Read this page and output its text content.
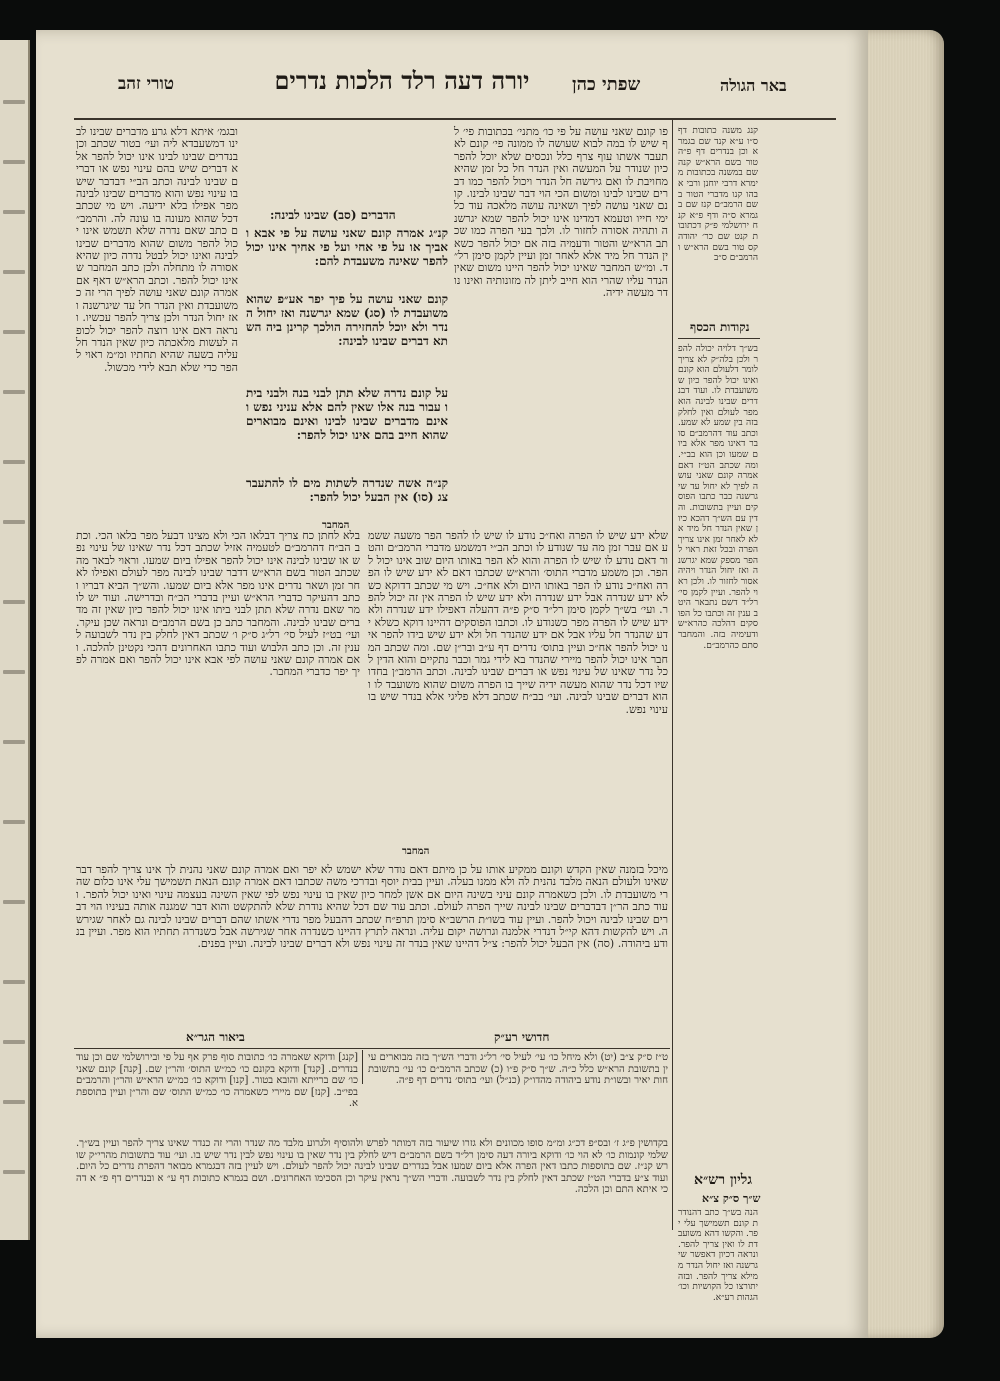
יורה דעה רלד הלכות נדרים	שפתי כהן
טורי זהב	באר הגולה
פו קונם שאני עושה על פי כו׳ מתני׳ בכתובות פי׳ לף שיש לו במה לבוא שעושה לו ממונה פי׳ קונם לא תעבד אשתו עוף צרף כלל ונכסים שלא יוכל להפר כיון שנודר על המעשה ואין הנדר חל כל זמן שהיא מחויבת לו ואם גירשה חל הנדר ויכול להפר כמו דברים שבינו לבינו ומשום הכי הוי דבר שבינו לבינו. קונם שאני עושה לפיך ושאינה עושה מלאכה עוד כל ימי חייו וטעמא דמדינו אינו יכול להפר שמא יגרשנה ותהיה אסורה לחזור לו. ולכך בעי הפרה כמו שכתב הרא״ש והטור ודעמיה בזה אם יכול להפר כשאין הנדר חל מיד אלא לאחר זמן ועיין לקמן סימן רל״ד. ומ״ש המחבר שאינו יכול להפר היינו משום שאין הנדר עליו שהרי הוא חייב ליתן לה מזונותיה ואינו נודר מעשה ידיה.
ובגמ׳ איתא דלא גרע מדברים שבינו לבינו דמשעבדא ליה ועי׳ בטור שכתב וכן בנדרים שבינו לבינו אינו יכול להפר אלא דברים שיש בהם עינוי נפש או דברים שבינו לבינה וכתב הב״י דבדבר שיש בו עינוי נפש והוא מדברים שבינו לבינה מפר אפילו בלא ידיעה. ויש מי שכתב דכל שהוא מעונה בו עונה לה. והרמב״ם כתב שאם נדרה שלא תשמש אינו יכול להפר משום שהוא מדברים שבינו לבינה ואינו יכול לבטל נדרה כיון שהיא אסורה לו מתחלה ולכן כתב המחבר שאינו יכול להפר. וכתב הרא״ש דאף אם אמרה קונם שאני עושה לפיך הרי זה כמשועבדת ואין הנדר חל עד שיגרשנה ואז יחול הנדר ולכן צריך להפר עכשיו. ונראה דאם אינו רוצה להפר יכול לכופה לעשות מלאכתה כיון שאין הנדר חל עליה בשעה שהיא תחתיו ומ״מ ראוי להפר כדי שלא תבא לידי מכשול.
הדברים (סב) שבינו לבינה:
קנ״ג אמרה קונם שאני עושה על פי אבא ואביך או על פי אחי ועל פי אחיך אינו יכול להפר שאינה משעבדת להם:
קונם שאני עושה על פיך יפר אע״פ שהוא משועבדת לו (סג) שמא יגרשנה ואז יחול הנדר ולא יוכל להחזירה הולכך קרינן ביה השתא דברים שבינו לבינה:
על קונם נדרה שלא תתן לבני בנה ולבני ביתו עבור בנה אלו שאין להם אלא עניני נפש ואינם מדברים שבינו לבינו ואינם מבוארים שהוא חייב בהם אינו יכול להפר:
קנ״ה אשה שנדרה לשתות מים לו להתעבר צג (סו) אין הבעל יכול להפר:
המחבר
שלא ידע שיש לו הפרה ואח״כ נודע לו שיש לו להפר הפר משעה ששמע אם עבר זמן מה עד שנודע לו וכתב הב״י דמשמע מדברי הרמב״ם והטור דאם נודע לו שיש לו הפרה והוא לא הפר באותו היום שוב אינו יכול להפר. וכן משמע מדברי התוס׳ והרא״ש שכתבו דאם לא ידע שיש לו הפרה ואח״כ נודע לו הפר באותו היום ולא אח״כ. ויש מי שכתב דדוקא כשלא ידע שנדרה אבל ידע שנדרה ולא ידע שיש לו הפרה אין זה יכול להפר. ועי׳ בש״ך לקמן סימן רל״ד ס״ק פ״ה דהעלה דאפילו ידע שנדרה ולא ידע שיש לו הפרה מפר כשנודע לו. וכתבו הפוסקים דהיינו דוקא כשלא ידע שהנדר חל עליו אבל אם ידע שהנדר חל ולא ידע שיש בידו להפר אינו יכול להפר אח״כ ועיין בתוס׳ נדרים דף ע״ב ובר״ן שם. ומה שכתב המחבר אינו יכול להפר מיירי שהנדר בא לידי גמר וכבר נתקיים והוא הדין לכל נדר שאינו של עינוי נפש או דברים שבינו לבינה. וכתב הרמב״ן בחדושיו דכל נדר שהוא מעשה ידיה שייך בו הפרה משום שהוא משועבד לו והוא דברים שבינו לבינה. ועי׳ בב״ח שכתב דלא פליגי אלא בנדר שיש בו עינוי נפש.
בלא לחתן כח צריך דבלאו הכי ולא מצינו דבעל מפר בלאו הכי. וכתב הב״ח דהרמב״ם לטעמיה אזיל שכתב דכל נדר שאינו של עינוי נפש או שבינו לבינה אינו יכול להפר אפילו ביום שמעו. וראוי לבאר מה שכתב הטור בשם הרא״ש דדבר שבינו לבינה מפר לעולם ואפילו לאחר זמן ושאר נדרים אינו מפר אלא ביום שמעו. והש״ך הביא דבריו וכתב דהעיקר כדברי הרא״ש ועיין בדברי הב״ח ובדרישה. ועוד יש לומר שאם נדרה שלא תתן לבני ביתו אינו יכול להפר כיון שאין זה מדברים שבינו לבינה. והמחבר כתב כן בשם הרמב״ם ונראה שכן עיקר. ועי׳ בט״ז לעיל סי׳ רל״ג ס״ק ו׳ שכתב דאין לחלק בין נדר לשבועה לענין זה. וכן כתב הלבוש ועוד כתבו האחרונים דהכי נקטינן להלכה. ואם אמרה קונם שאני עושה לפי אבא אינו יכול להפר ואם אמרה לפיך יפר כדברי המחבר.
המחבר
מיכל בזמנה שאין הקדש וקונם ממקיע אותו על כן מיתם דאם נודר שלא ישמש לא יפר ואם אמרה קונם שאני נהנית לך אינו צריך להפר דבר שאינו ולעולם הנאה מלבד נהנית לה ולא ממנו בעלה. ועיין בבית יוסף ובדרכי משה שכתבו דאם אמרה קונם הנאת תשמישך עלי אינו כלום שהרי משועבדת לו. ולכן כשאמרה קונם עיני בשינה היום אם אשן למחר כיון שאין בו עינוי נפש לפי שאין השינה בעצמה עינוי ואינו יכול להפר. ועוד כתב הר״ן דבדברים שבינו לבינה שייך הפרה לעולם. וכתב עוד שם דכל שהיא נודרת שלא להתקשט והוא דבר שמגנה אותה בעיניו הוי דברים שבינו לבינה ויכול להפר. ועיין עוד בשו״ת הרשב״א סימן תרפ״ח שכתב דהבעל מפר נדרי אשתו שהם דברים שבינו לבינה גם לאחר שגירשה. ויש להקשות דהא קי״ל דנדרי אלמנה וגרושה יקום עליה. ונראה לתרץ דהיינו כשנדרה אחר שגירשה אבל כשנדרה תחתיו הוא מפר. ועיין בנודע ביהודה. (סה) אין הבעל יכול להפר: צ״ל דהיינו שאין בנדר זה עינוי נפש ולא דברים שבינו לבינה. ועיין בפנים.
חדושי רע״ק
ביאור הגר״א
ט״ז ס״ק צ״ב (יט) ולא מיחל כו׳ עי׳ לעיל סי׳ רל״ג ודברי הש״ך בזה מבוארים עיין בתשובת הרא״ש כלל כ״ה. ש״ך ס״ק פ״ו (כ) שכתב הרמב״ם כו׳ עי׳ בתשובת חות יאיר ובשו״ת נודע ביהודה מהדו״ק (כנ״ל) ועי׳ בתוס׳ נדרים דף פ״ה.
[קנג] ודוקא שאמרה כו׳ כתובות סוף פרק אף על פי ובירושלמי שם וכן עוד בנדרים. [קנד] ודוקא בקונם כו׳ כמ״ש התוס׳ והר״ן שם. [קנה] קונם שאני כו׳ שם ברייתא והובא בטור. [קנו] ודוקא כו׳ כמ״ש הרא״ש והר״ן והרמב״ם בפי״ב. [קנז] שם מיירי כשאמרה כו׳ כמ״ש התוס׳ שם והר״ן ועיין בתוספתא.
בקדושין פ״ג ז׳ ובס״פ דכ״ג ומ״מ סופו מכוונים ולא גזרו שיעור בזה דמותר לפרש ולהוסיף ולגרוע מלבד מה שנדר והרי זה כנדר שאינו צריך להפר ועיין בש״ך. שלמי קונמות כו׳ לא הוי כו׳ ודוקא ביורה דעה סימן רל״ד בשם הרמב״ם דיש לחלק בין נדר שאין בו עינוי נפש לבין נדר שיש בו. ועי׳ עוד בתשובות מהרי״ק שורש קנ״ז. שם בתוספות כתבו דאין הפרה אלא ביום שמעו אבל בנדרים שבינו לבינה יכול להפר לעולם. ויש לעיין בזה דבגמרא מבואר דהפרת נדרים כל היום. ועוד צ״ע בדברי הט״ז שכתב דאין לחלק בין נדר לשבועה. ודברי הש״ך נראין עיקר וכן הסכימו האחרונים. ושם בגמרא כתובות דף ע״ א ובנדרים דף פ״ א דהכי איתא התם וכן הלכה.
קנג משנה כתובות דף ס״ו ע״א קנד שם בגמרא וכן בנדרים דף פ״ה טור בשם הרא״ש קנה שם במשנה בכתובות מימרא דרבי יוחנן ורבי אבהו קנו מדברי הטור בשם הרמב״ם קנז שם בגמרא ס״ה ודף פ״א קנח ירושלמי פ״ק דכתובות קנט שם כר׳ יהודה קס טור בשם הרא״ש והרמב״ם ס״ב
נקודות הכסף
בש״ך דלויה יכולה להפר ולכן בלה״ק לא צריך לומר דלעולם הוא קונם ואינו יכול להפר כיון שמשועבדת לו. ועוד דבנדרים שבינו לבינה הוא מפר לעולם ואין לחלק בזה בין שמע לא שמע. וכתב עוד דהרמב״ם סובר דאינו מפר אלא ביום שמעו וכן הוא בב״י. ומה שכתב הט״ז דאם אמרה קונם שאני עושה לפיך לא יחול עד שיגרשנה כבר כתבו הפוסקים ועיין בתשובות. והדין עם הש״ך דהכא כיון שאין הנדר חל מיד אלא לאחר זמן אינו צריך הפרה ובכל זאת ראוי להפר מספק שמא יגרשנה ואז יחול הנדר ויהיה אסור לחזור לו. ולכן ראוי להפר. ועיין לקמן סי׳ רל״ד דשם נתבאר היטב ענין זה וכתבו כל הפוסקים דהלכה כהרא״ש ודעימיה בזה. והמחבר סתם כהרמב״ם.
גליון רש״א
ש״ך ס״ק צ״א
הנה בש״ך כתב דהנודרת קונם תשמישך עלי יפר. והקשו דהא משועבדת לו ואין צריך להפר. ונראה דכיון דאפשר שיגרשנה ואז יחול הנדר ממילא צריך להפר. ובזה יתורצו כל הקושיות וכו׳ הגהות רע״א.
